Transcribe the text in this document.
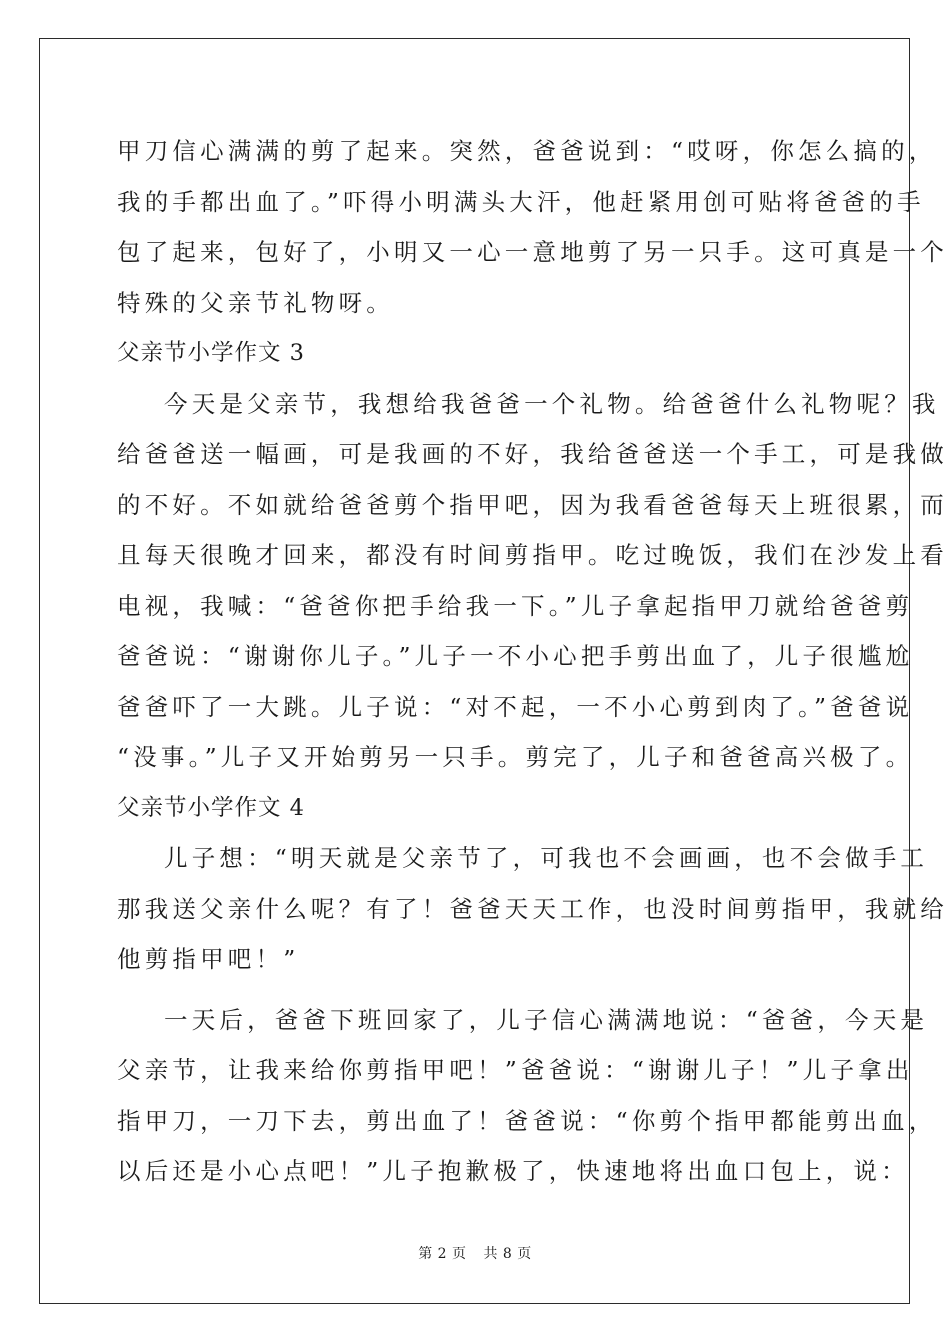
甲刀信心满满的剪了起来。突然，爸爸说到：“哎呀，你怎么搞的，
我的手都出血了。”吓得小明满头大汗，他赶紧用创可贴将爸爸的手
包了起来，包好了，小明又一心一意地剪了另一只手。这可真是一个
特殊的父亲节礼物呀。
父亲节小学作文 3
今天是父亲节，我想给我爸爸一个礼物。给爸爸什么礼物呢？我
给爸爸送一幅画，可是我画的不好，我给爸爸送一个手工，可是我做
的不好。不如就给爸爸剪个指甲吧，因为我看爸爸每天上班很累，而
且每天很晚才回来，都没有时间剪指甲。吃过晚饭，我们在沙发上看
电视，我喊：“爸爸你把手给我一下。”儿子拿起指甲刀就给爸爸剪
爸爸说：“谢谢你儿子。”儿子一不小心把手剪出血了，儿子很尴尬
爸爸吓了一大跳。儿子说：“对不起，一不小心剪到肉了。”爸爸说
“没事。”儿子又开始剪另一只手。剪完了，儿子和爸爸高兴极了。
父亲节小学作文 4
儿子想：“明天就是父亲节了，可我也不会画画，也不会做手工
那我送父亲什么呢？有了！爸爸天天工作，也没时间剪指甲，我就给
他剪指甲吧！”
一天后，爸爸下班回家了，儿子信心满满地说：“爸爸，今天是
父亲节，让我来给你剪指甲吧！”爸爸说：“谢谢儿子！”儿子拿出
指甲刀，一刀下去，剪出血了！爸爸说：“你剪个指甲都能剪出血，
以后还是小心点吧！”儿子抱歉极了，快速地将出血口包上，说：
第 2 页 共 8 页
